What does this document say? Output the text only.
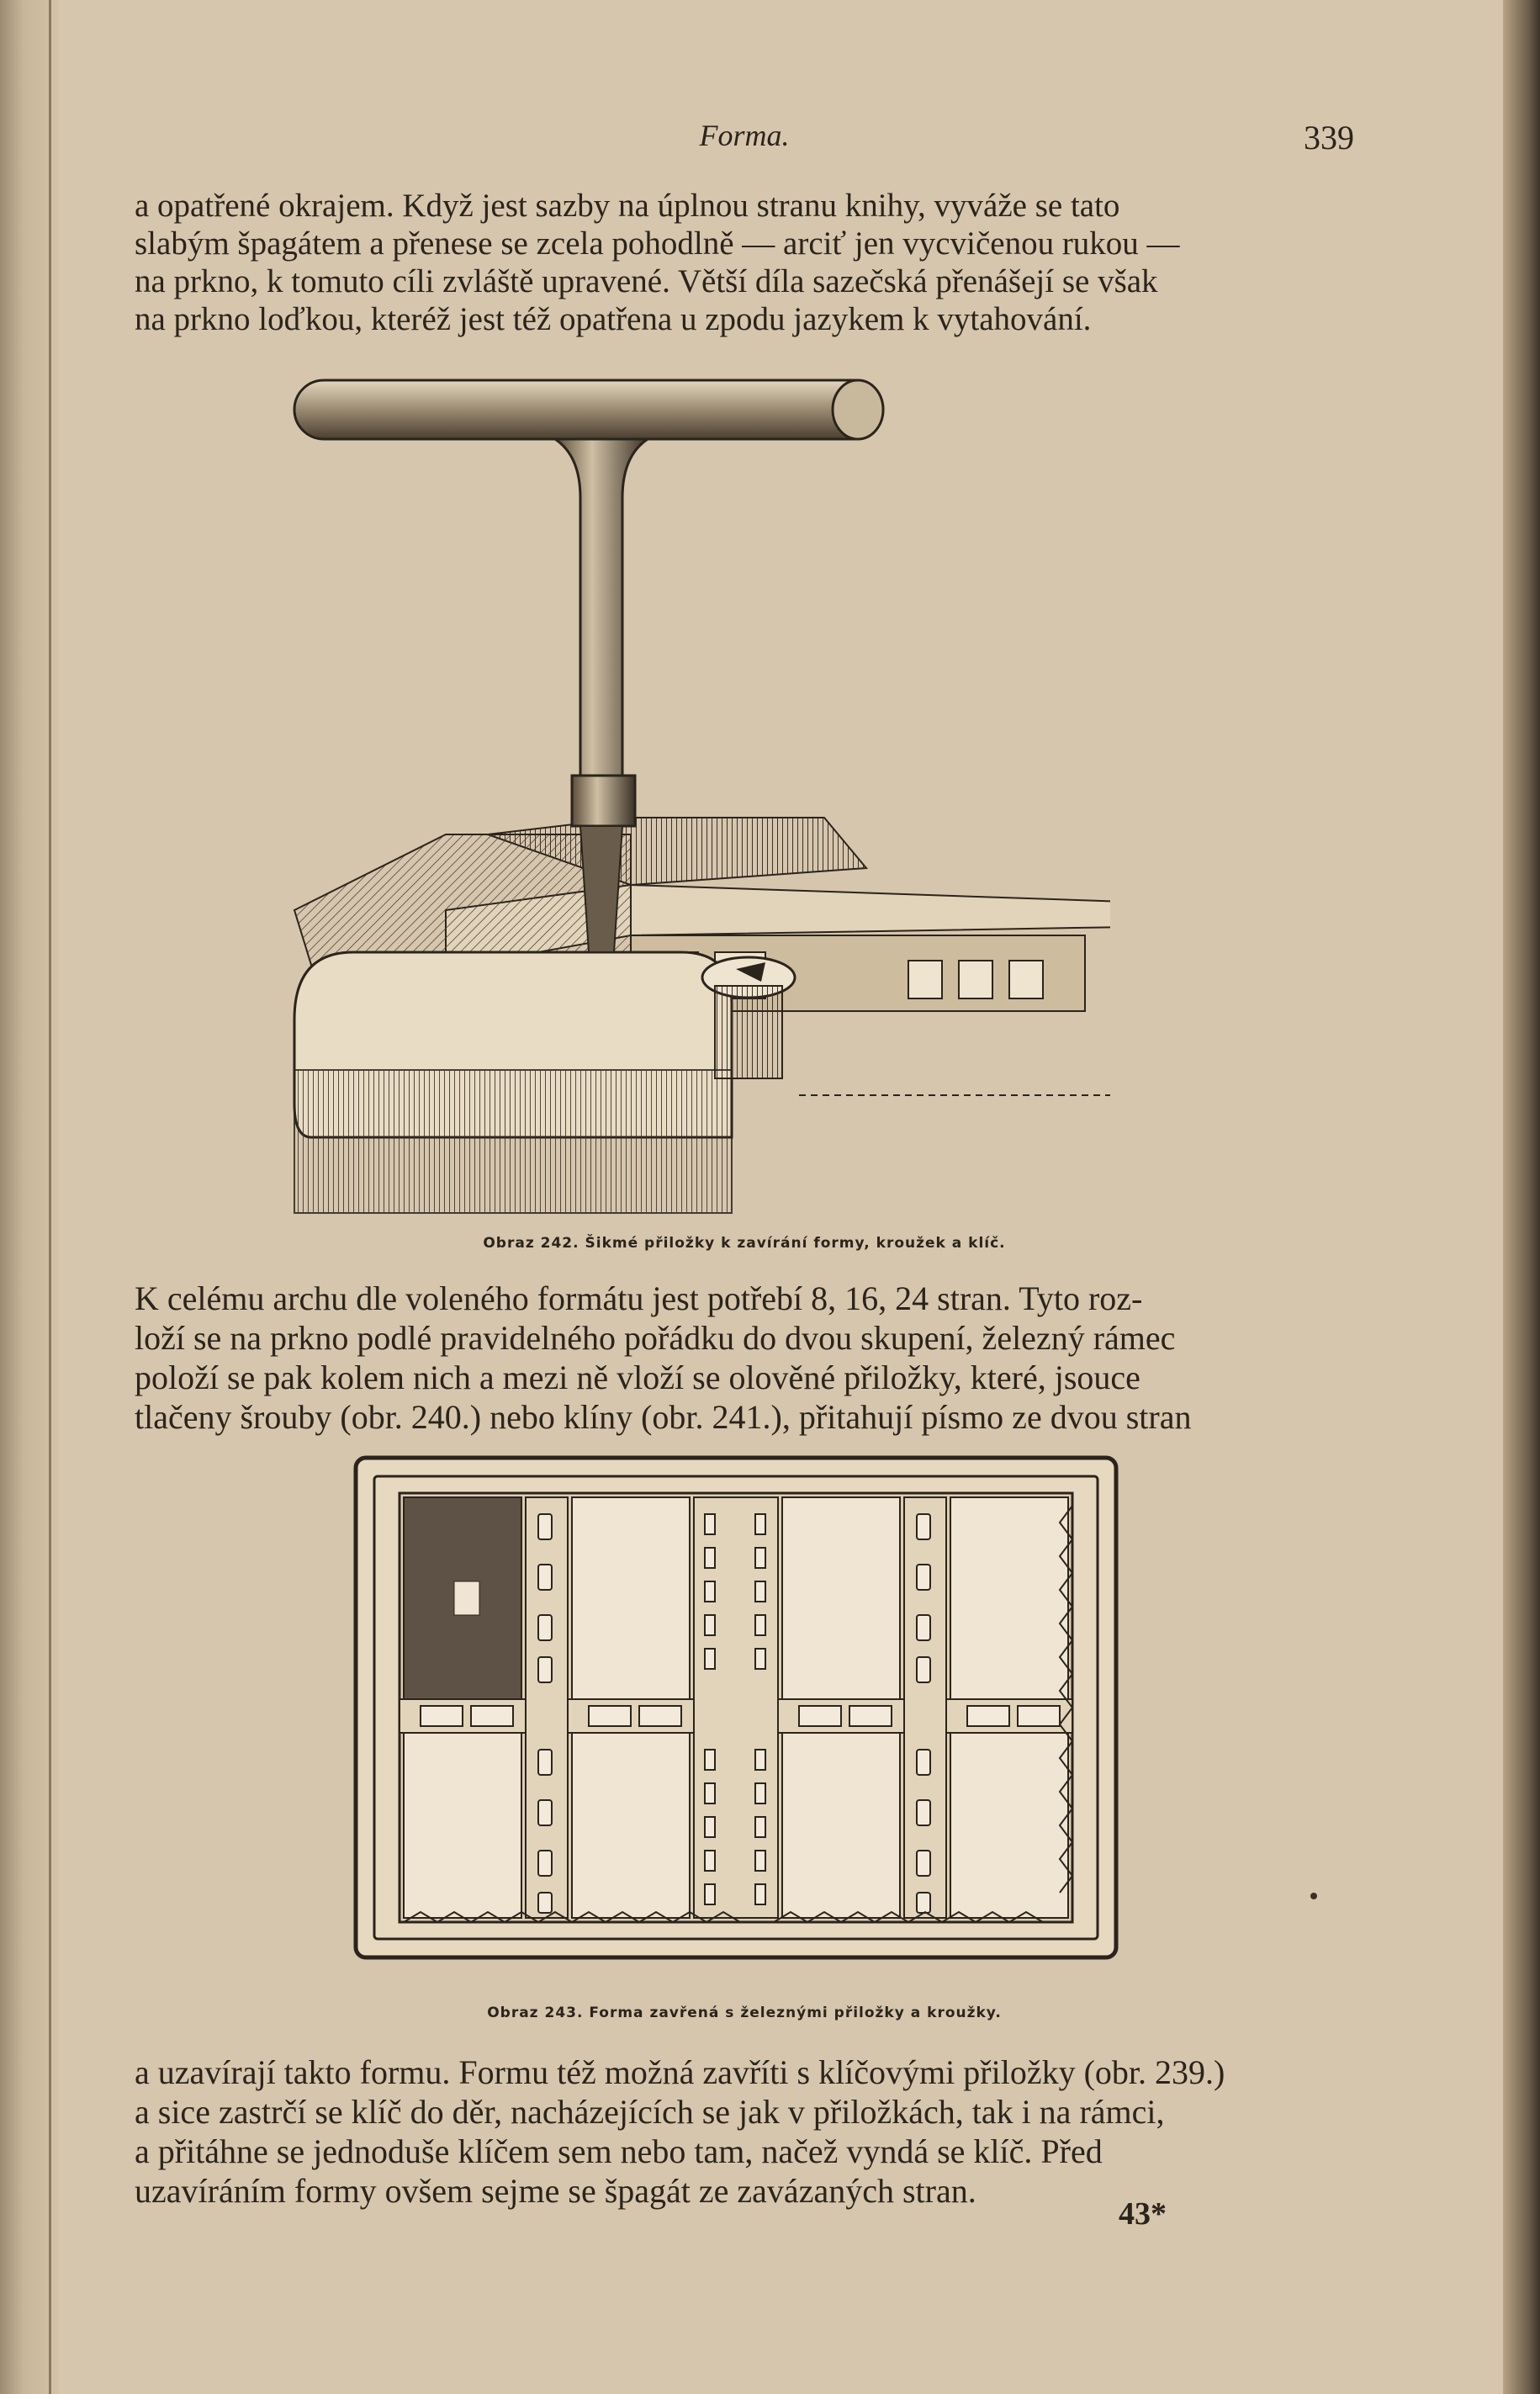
Forma.	339

a opatřené okrajem. Když jest sazby na úplnou stranu knihy, vyváže se tato
slabým špagátem a přenese se zcela pohodlně — arciť jen vycvičenou rukou —
na prkno, k tomuto cíli zvláště upravené. Větší díla sazečská přenášejí se však
na prkno loďkou, kteréž jest též opatřena u zpodu jazykem k vytahování.

Obraz 242. Šikmé přiložky k zavírání formy, kroužek a klíč.

K celému archu dle voleného formátu jest potřebí 8, 16, 24 stran. Tyto roz-
loží se na prkno podlé pravidelného pořádku do dvou skupení, železný rámec
položí se pak kolem nich a mezi ně vloží se olověné přiložky, které, jsouce
tlačeny šrouby (obr. 240.) nebo klíny (obr. 241.), přitahují písmo ze dvou stran

Obraz 243. Forma zavřená s železnými přiložky a kroužky.

a uzavírají takto formu. Formu též možná zavříti s klíčovými přiložky (obr. 239.)
a sice zastrčí se klíč do děr, nacházejících se jak v přiložkách, tak i na rámci,
a přitáhne se jednoduše klíčem sem nebo tam, načež vyndá se klíč. Před
uzavíráním formy ovšem sejme se špagát ze zavázaných stran.

43*
